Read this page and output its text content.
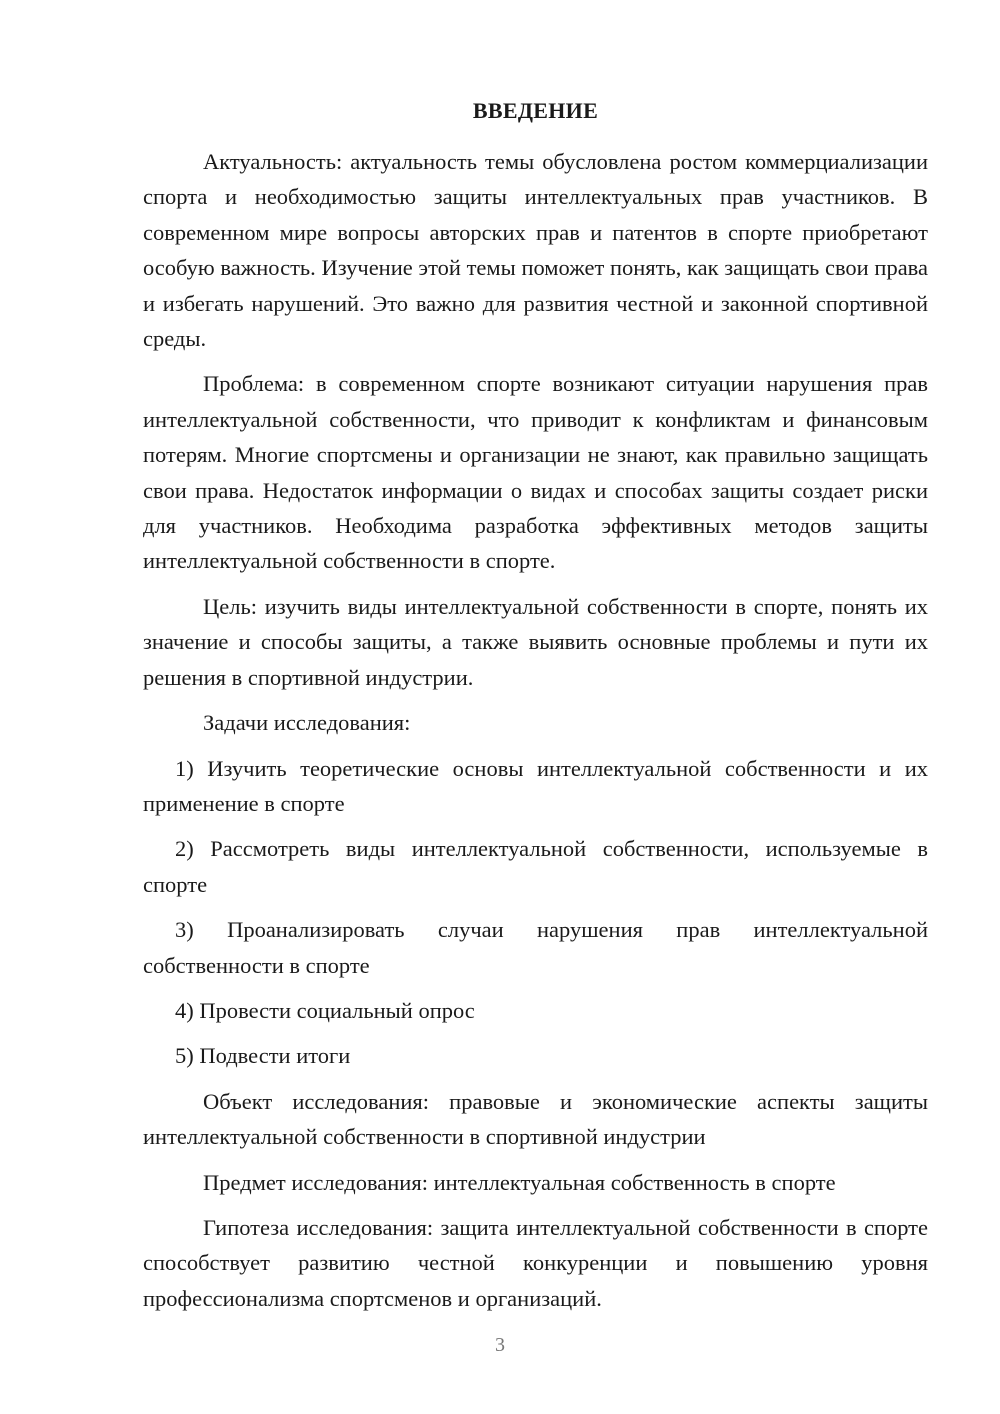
ВВЕДЕНИЕ

Актуальность: актуальность темы обусловлена ростом коммерциализации спорта и необходимостью защиты интеллектуальных прав участников. В современном мире вопросы авторских прав и патентов в спорте приобретают особую важность. Изучение этой темы поможет понять, как защищать свои права и избегать нарушений. Это важно для развития честной и законной спортивной среды.

Проблема: в современном спорте возникают ситуации нарушения прав интеллектуальной собственности, что приводит к конфликтам и финансовым потерям. Многие спортсмены и организации не знают, как правильно защищать свои права. Недостаток информации о видах и способах защиты создает риски для участников. Необходима разработка эффективных методов защиты интеллектуальной собственности в спорте.

Цель: изучить виды интеллектуальной собственности в спорте, понять их значение и способы защиты, а также выявить основные проблемы и пути их решения в спортивной индустрии.

Задачи исследования:

1) Изучить теоретические основы интеллектуальной собственности и их применение в спорте

2) Рассмотреть виды интеллектуальной собственности, используемые в спорте

3) Проанализировать случаи нарушения прав интеллектуальной собственности в спорте

4) Провести социальный опрос

5) Подвести итоги

Объект исследования: правовые и экономические аспекты защиты интеллектуальной собственности в спортивной индустрии

Предмет исследования: интеллектуальная собственность в спорте

Гипотеза исследования: защита интеллектуальной собственности в спорте способствует развитию честной конкуренции и повышению уровня профессионализма спортсменов и организаций.

3
